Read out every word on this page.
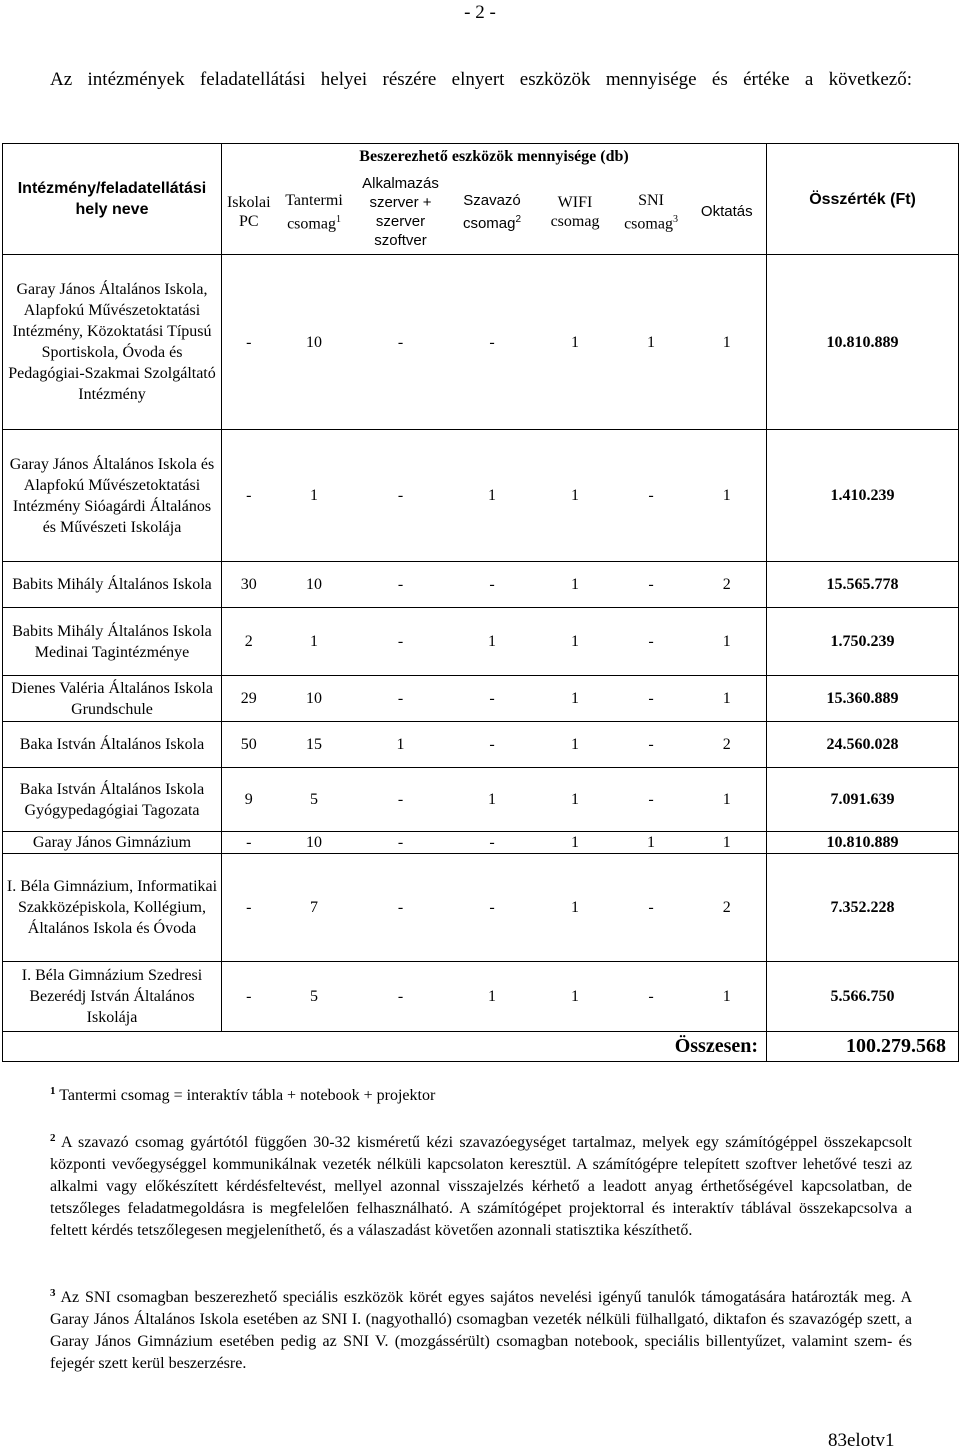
- 2 -
Az intézmények feladatellátási helyei részére elnyert eszközök mennyisége és értéke a következő:
Intézmény/feladatellátási hely neve	Beszerezhető eszközök mennyisége (db)							Összérték (Ft)
	Iskolai PC	Tantermi csomag$^1$	Alkalmazás szerver + szerver szoftver	Szavazó csomag$^2$	WIFI csomag	SNI csomag$^3$	Oktatás	
Garay János Általános Iskola, Alapfokú Művészetoktatási Intézmény, Közoktatási Típusú Sportiskola, Óvoda és Pedagógiai-Szakmai Szolgáltató Intézmény	-	10	-	-	1	1	1	10.810.889
Garay János Általános Iskola és Alapfokú Művészetoktatási Intézmény Sióagárdi Általános és Művészeti Iskolája	-	1	-	1	1	-	1	1.410.239
Babits Mihály Általános Iskola	30	10	-	-	1	-	2	15.565.778
Babits Mihály Általános Iskola Medinai Tagintézménye	2	1	-	1	1	-	1	1.750.239
Dienes Valéria Általános Iskola Grundschule	29	10	-	-	1	-	1	15.360.889
Baka István Általános Iskola	50	15	1	-	1	-	2	24.560.028
Baka István Általános Iskola Gyógypedagógiai Tagozata	9	5	-	1	1	-	1	7.091.639
Garay János Gimnázium	-	10	-	-	1	1	1	10.810.889
I. Béla Gimnázium, Informatikai Szakközépiskola, Kollégium, Általános Iskola és Óvoda	-	7	-	-	1	-	2	7.352.228
I. Béla Gimnázium Szedresi Bezerédj István Általános Iskolája	-	5	-	1	1	-	1	5.566.750
Összesen:								100.279.568
$^1$ Tantermi csomag = interaktív tábla + notebook + projektor
$^2$ A szavazó csomag gyártótól függően 30-32 kisméretű kézi szavazóegységet tartalmaz, melyek egy számítógéppel összekapcsolt központi vevőegységgel kommunikálnak vezeték nélküli kapcsolaton keresztül. A számítógépre telepített szoftver lehetővé teszi az alkalmi vagy előkészített kérdésfeltevést, mellyel azonnal visszajelzés kérhető a leadott anyag érthetőségével kapcsolatban, de tetszőleges feladatmegoldásra is megfelelően felhasználható. A számítógépet projektorral és interaktív táblával összekapcsolva a feltett kérdés tetszőlegesen megjeleníthető, és a válaszadást követően azonnali statisztika készíthető.
$^3$ Az SNI csomagban beszerezhető speciális eszközök körét egyes sajátos nevelési igényű tanulók támogatására határozták meg. A Garay János Általános Iskola esetében az SNI I. (nagyothalló) csomagban vezeték nélküli fülhallgató, diktafon és szavazógép szett, a Garay János Gimnázium esetében pedig az SNI V. (mozgássérült) csomagban notebook, speciális billentyűzet, valamint szem- és fejegér szett kerül beszerzésre.
83elotv1
